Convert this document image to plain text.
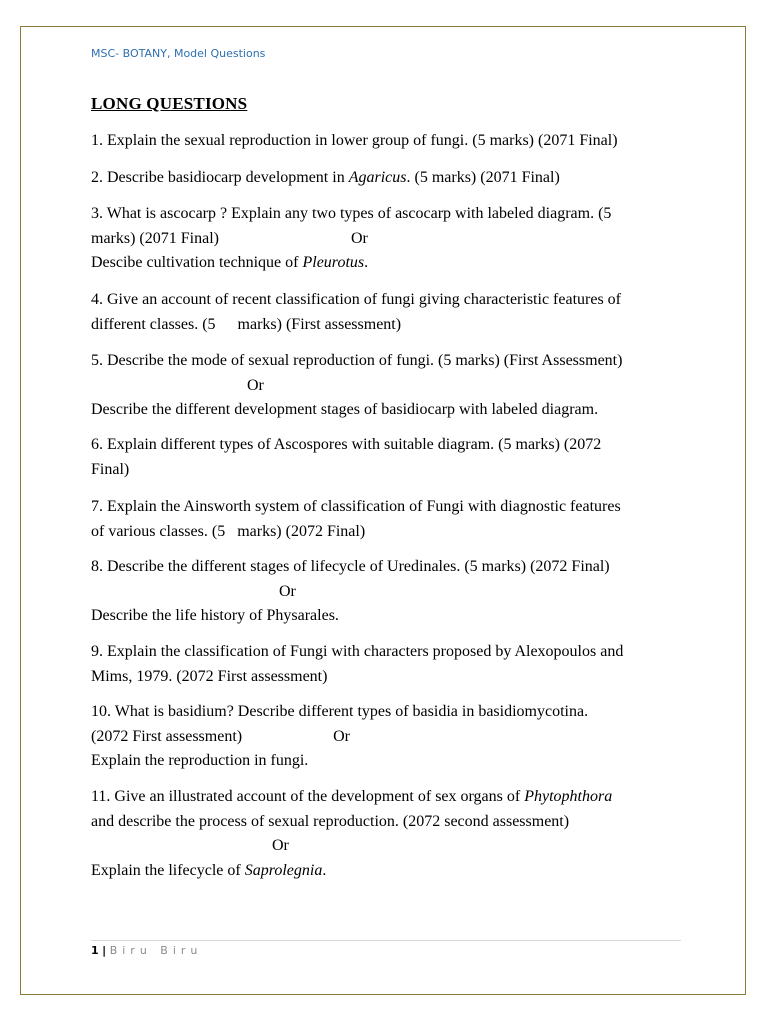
MSC- BOTANY, Model Questions
LONG QUESTIONS
1. Explain the sexual reproduction in lower group of fungi. (5 marks) (2071 Final)
2. Describe basidiocarp development in Agaricus. (5 marks) (2071 Final)
3. What is ascocarp ? Explain any two types of ascocarp with labeled diagram. (5
marks) (2071 Final)	Or
Descibe cultivation technique of Pleurotus.
4. Give an account of recent classification of fungi giving characteristic features of
different classes. (5 marks) (First assessment)
5. Describe the mode of sexual reproduction of fungi. (5 marks) (First Assessment)
Or
Describe the different development stages of basidiocarp with labeled diagram.
6. Explain different types of Ascospores with suitable diagram. (5 marks) (2072
Final)
7. Explain the Ainsworth system of classification of Fungi with diagnostic features
of various classes. (5 marks) (2072 Final)
8. Describe the different stages of lifecycle of Uredinales. (5 marks) (2072 Final)
Or
Describe the life history of Physarales.
9. Explain the classification of Fungi with characters proposed by Alexopoulos and
Mims, 1979. (2072 First assessment)
10. What is basidium? Describe different types of basidia in basidiomycotina.
(2072 First assessment)	Or
Explain the reproduction in fungi.
11. Give an illustrated account of the development of sex organs of Phytophthora
and describe the process of sexual reproduction. (2072 second assessment)
Or
Explain the lifecycle of Saprolegnia.
1 | Biru Biru
